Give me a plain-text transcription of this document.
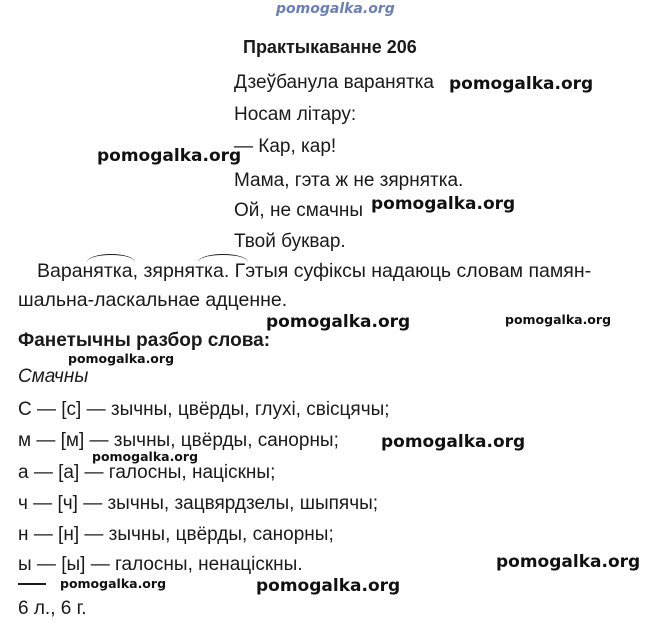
pomogalka.org
Практыкаванне 206
Дзеўбанула варанятка
Носам літару:
— Кар, кар!
Мама, гэта ж не зярнятка.
Ой, не смачны
Твой буквар.
pomogalka.org
pomogalka.org
pomogalka.org
Варанятка, зярнятка. Гэтыя суфіксы надаюць словам памян-
шальна-ласкальнае адценне.
pomogalka.org	pomogalka.org
Фанетычны разбор слова:
pomogalka.org
Смачны
С — [с] — зычны, цвёрды, глухі, свісцячы;
м — [м] — зычны, цвёрды, санорны;
а — [а] — галосны, націскны;
ч — [ч] — зычны, зацвярдзелы, шыпячы;
н — [н] — зычны, цвёрды, санорны;
ы — [ы] — галосны, ненаціскны.
pomogalka.org
pomogalka.org
pomogalka.org
pomogalka.org	pomogalka.org
6 л., 6 г.
